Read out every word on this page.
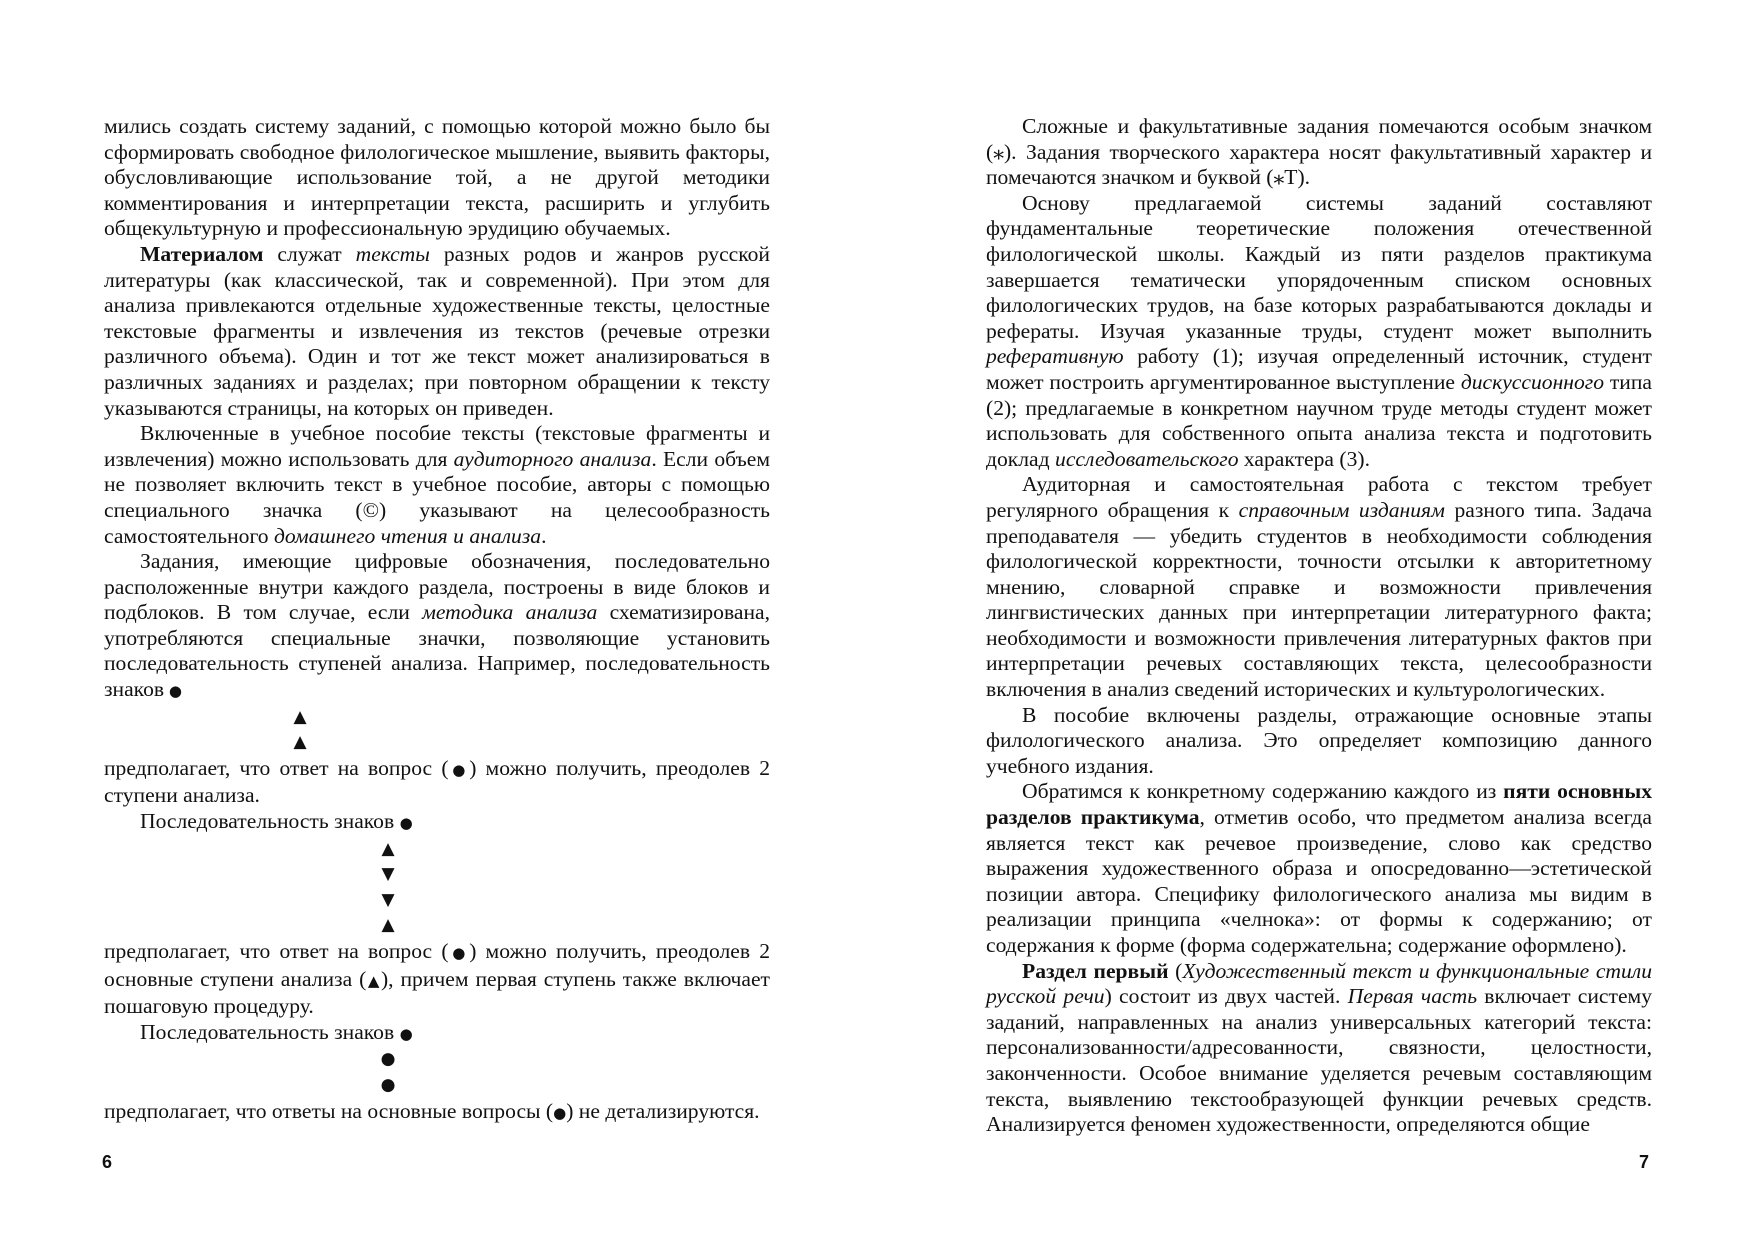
мились создать систему заданий, с помощью которой можно было бы сформировать свободное филологическое мышление, выявить факторы, обусловливающие использование той, а не другой методики комментирования и интерпретации текста, расширить и углубить общекультурную и профессиональную эрудицию обучаемых.

Материалом служат тексты разных родов и жанров русской литературы (как классической, так и современной). При этом для анализа привлекаются отдельные художественные тексты, целостные текстовые фрагменты и извлечения из текстов (речевые отрезки различного объема). Один и тот же текст может анализироваться в различных заданиях и разделах; при повторном обращении к тексту указываются страницы, на которых он приведен.

Включенные в учебное пособие тексты (текстовые фрагменты и извлечения) можно использовать для аудиторного анализа. Если объем не позволяет включить текст в учебное пособие, авторы с помощью специального значка (©) указывают на целесообразность самостоятельного домашнего чтения и анализа.

Задания, имеющие цифровые обозначения, последовательно расположенные внутри каждого раздела, построены в виде блоков и подблоков. В том случае, если методика анализа схематизирована, употребляются специальные значки, позволяющие установить последовательность ступеней анализа. Например, последовательность знаков ●

▲
▲

предполагает, что ответ на вопрос (●) можно получить, преодолев 2 ступени анализа.

Последовательность знаков ●

▲
▼
▼
▲

предполагает, что ответ на вопрос (●) можно получить, преодолев 2 основные ступени анализа (▲), причем первая ступень также включает пошаговую процедуру.

Последовательность знаков ●

●
●

предполагает, что ответы на основные вопросы (●) не детализируются.

Сложные и факультативные задания помечаются особым значком (⁎). Задания творческого характера носят факультативный характер и помечаются значком и буквой (⁎Т).

Основу предлагаемой системы заданий составляют фундаментальные теоретические положения отечественной филологической школы. Каждый из пяти разделов практикума завершается тематически упорядоченным списком основных филологических трудов, на базе которых разрабатываются доклады и рефераты. Изучая указанные труды, студент может выполнить реферативную работу (1); изучая определенный источник, студент может построить аргументированное выступление дискуссионного типа (2); предлагаемые в конкретном научном труде методы студент может использовать для собственного опыта анализа текста и подготовить доклад исследовательского характера (3).

Аудиторная и самостоятельная работа с текстом требует регулярного обращения к справочным изданиям разного типа. Задача преподавателя — убедить студентов в необходимости соблюдения филологической корректности, точности отсылки к авторитетному мнению, словарной справке и возможности привлечения лингвистических данных при интерпретации литературного факта; необходимости и возможности привлечения литературных фактов при интерпретации речевых составляющих текста, целесообразности включения в анализ сведений исторических и культурологических.

В пособие включены разделы, отражающие основные этапы филологического анализа. Это определяет композицию данного учебного издания.

Обратимся к конкретному содержанию каждого из пяти основных разделов практикума, отметив особо, что предметом анализа всегда является текст как речевое произведение, слово как средство выражения художественного образа и опосредованно—эстетической позиции автора. Специфику филологического анализа мы видим в реализации принципа «челнока»: от формы к содержанию; от содержания к форме (форма содержательна; содержание оформлено).

Раздел первый (Художественный текст и функциональные стили русской речи) состоит из двух частей. Первая часть включает систему заданий, направленных на анализ универсальных категорий текста: персонализованности/адресованности, связности, целостности, законченности. Особое внимание уделяется речевым составляющим текста, выявлению текстообразующей функции речевых средств. Анализируется феномен художественности, определяются общие

6	7
